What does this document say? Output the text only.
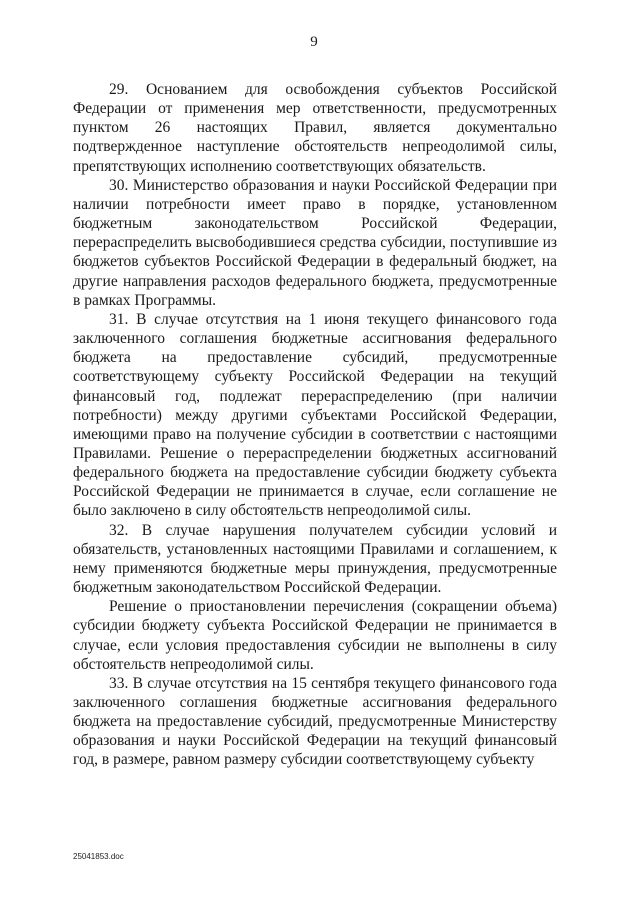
9

29. Основанием для освобождения субъектов Российской Федерации от применения мер ответственности, предусмотренных пунктом 26 настоящих Правил, является документально подтвержденное наступление обстоятельств непреодолимой силы, препятствующих исполнению соответствующих обязательств.

30. Министерство образования и науки Российской Федерации при наличии потребности имеет право в порядке, установленном бюджетным законодательством Российской Федерации, перераспределить высвободившиеся средства субсидии, поступившие из бюджетов субъектов Российской Федерации в федеральный бюджет, на другие направления расходов федерального бюджета, предусмотренные в рамках Программы.

31. В случае отсутствия на 1 июня текущего финансового года заключенного соглашения бюджетные ассигнования федерального бюджета на предоставление субсидий, предусмотренные соответствующему субъекту Российской Федерации на текущий финансовый год, подлежат перераспределению (при наличии потребности) между другими субъектами Российской Федерации, имеющими право на получение субсидии в соответствии с настоящими Правилами. Решение о перераспределении бюджетных ассигнований федерального бюджета на предоставление субсидии бюджету субъекта Российской Федерации не принимается в случае, если соглашение не было заключено в силу обстоятельств непреодолимой силы.

32. В случае нарушения получателем субсидии условий и обязательств, установленных настоящими Правилами и соглашением, к нему применяются бюджетные меры принуждения, предусмотренные бюджетным законодательством Российской Федерации.

Решение о приостановлении перечисления (сокращении объема) субсидии бюджету субъекта Российской Федерации не принимается в случае, если условия предоставления субсидии не выполнены в силу обстоятельств непреодолимой силы.

33. В случае отсутствия на 15 сентября текущего финансового года заключенного соглашения бюджетные ассигнования федерального бюджета на предоставление субсидий, предусмотренные Министерству образования и науки Российской Федерации на текущий финансовый год, в размере, равном размеру субсидии соответствующему субъекту

25041853.doc
